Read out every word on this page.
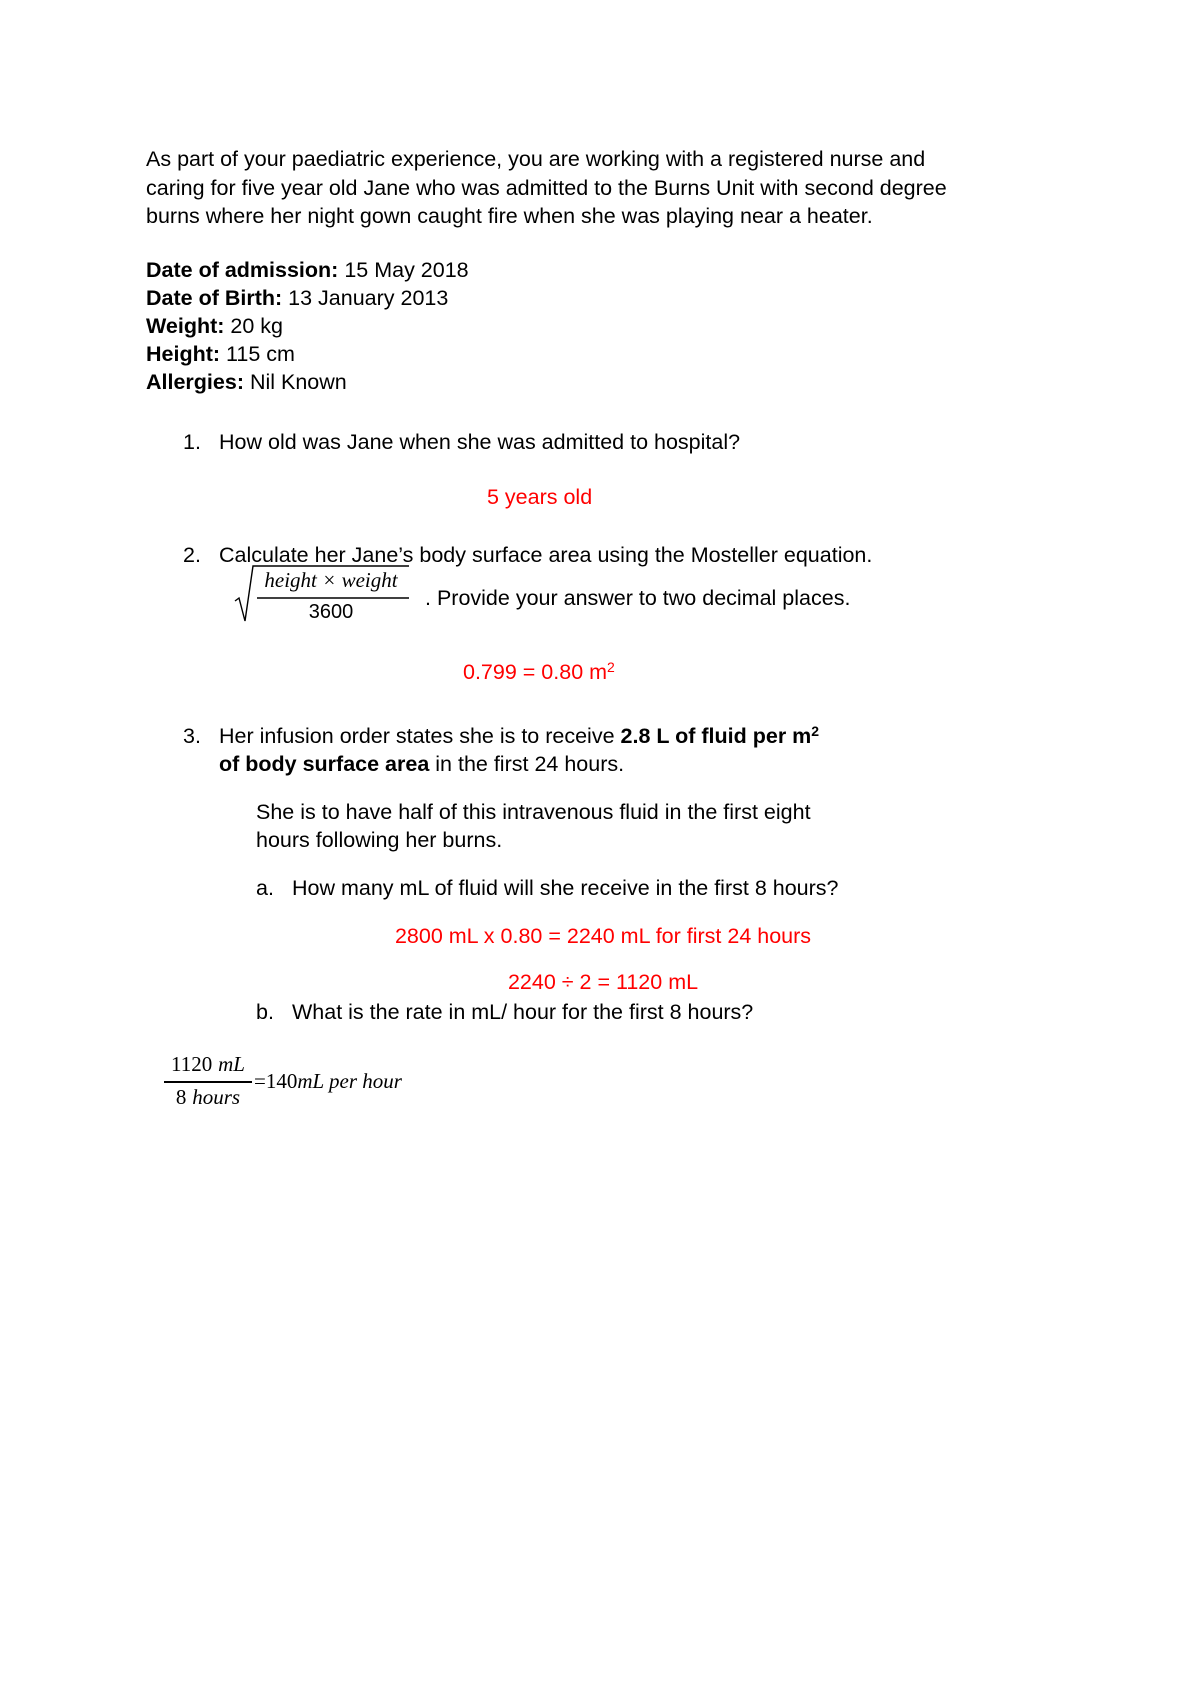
As part of your paediatric experience, you are working with a registered nurse and
caring for five year old Jane who was admitted to the Burns Unit with second degree
burns where her night gown caught fire when she was playing near a heater.
Date of admission: 15 May 2018
Date of Birth: 13 January 2013
Weight: 20 kg
Height: 115 cm
Allergies: Nil Known
1. How old was Jane when she was admitted to hospital?
5 years old
2. Calculate her Jane’s body surface area using the Mosteller equation.
height × weight
3600
. Provide your answer to two decimal places.
0.799 = 0.80 $m^2$
3. Her infusion order states she is to receive 2.8 L of fluid per $m^2$
of body surface area in the first 24 hours.
She is to have half of this intravenous fluid in the first eight
hours following her burns.
a. How many mL of fluid will she receive in the first 8 hours?
2800 mL x 0.80 = 2240 mL for first 24 hours
2240 ÷ 2 = 1120 mL
b. What is the rate in mL/ hour for the first 8 hours?
1120 mL
8 hours
=140mL per hour
